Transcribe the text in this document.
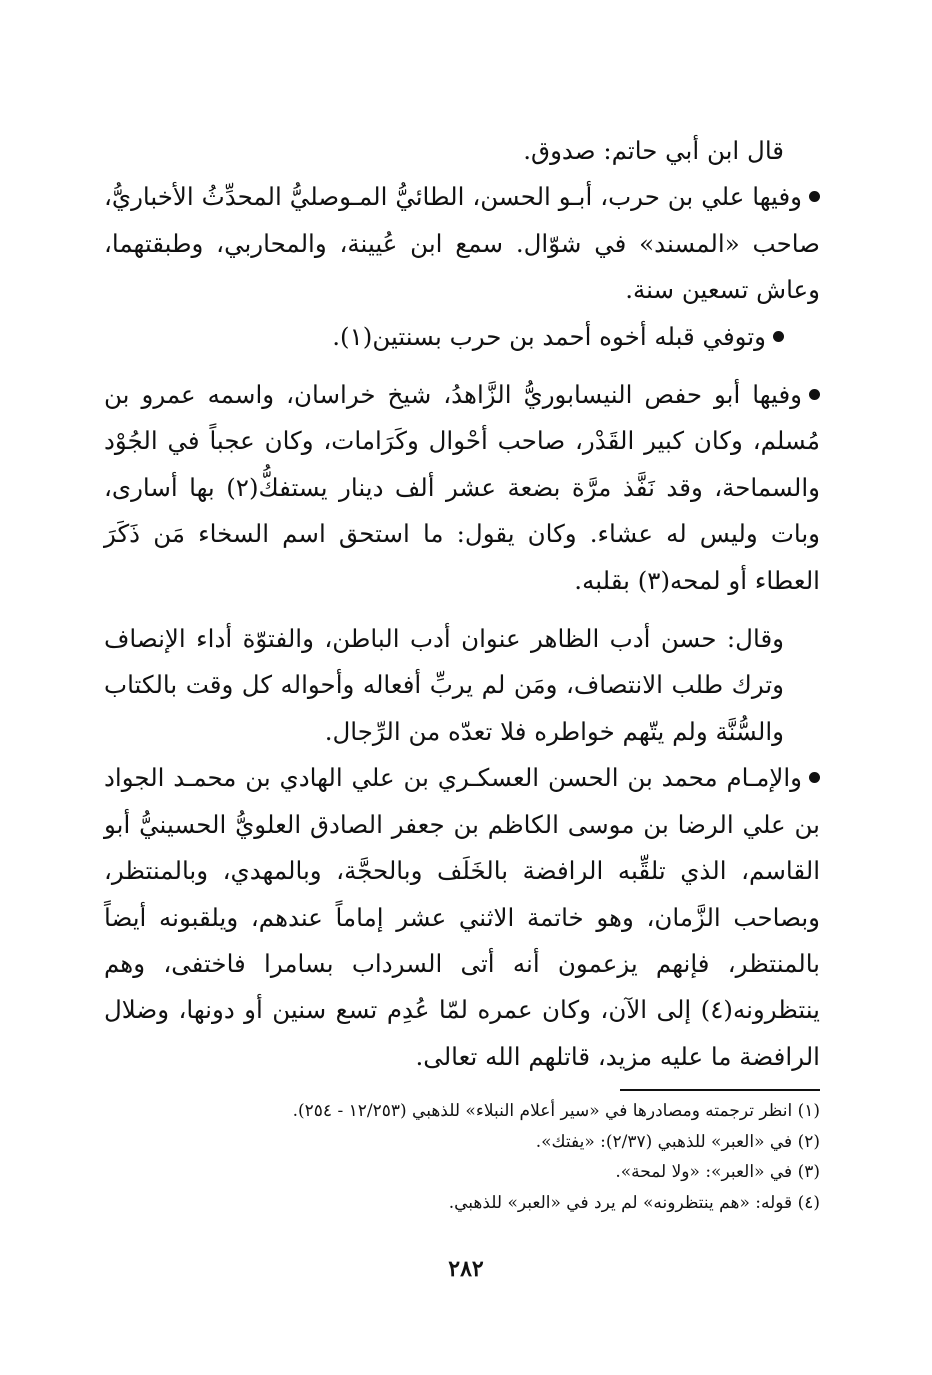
قال ابن أبي حاتم: صدوق.

وفيها علي بن حرب، أبـو الحسن، الطائيُّ المـوصليُّ المحدِّثُ الأخباريُّ، صاحب «المسند» في شوّال. سمع ابن عُيينة، والمحاربي، وطبقتهما، وعاش تسعين سنة.

وتوفي قبله أخوه أحمد بن حرب بسنتين(١).

وفيها أبو حفص النيسابوريُّ الزَّاهدُ، شيخ خراسان، واسمه عمرو بن مُسلم، وكان كبير القَدْر، صاحب أحْوال وكَرَامات، وكان عجباً في الجُوْد والسماحة، وقد نَفَّذ مرَّة بضعة عشر ألف دينار يستفكُّ(٢) بها أسارى، وبات وليس له عشاء. وكان يقول: ما استحق اسم السخاء مَن ذَكَرَ العطاء أو لمحه(٣) بقلبه.

وقال: حسن أدب الظاهر عنوان أدب الباطن، والفتوّة أداء الإنصاف وترك طلب الانتصاف، ومَن لم يربِّ أفعاله وأحواله كل وقت بالكتاب والسُّنَّة ولم يتّهم خواطره فلا تعدّه من الرِّجال.

والإمـام محمد بن الحسن العسكـري بن علي الهادي بن محمـد الجواد بن علي الرضا بن موسى الكاظم بن جعفر الصادق العلويُّ الحسينيُّ أبو القاسم، الذي تلقِّبه الرافضة بالخَلَف وبالحجَّة، وبالمهدي، وبالمنتظر، وبصاحب الزَّمان، وهو خاتمة الاثني عشر إماماً عندهم، ويلقبونه أيضاً بالمنتظر، فإنهم يزعمون أنه أتى السرداب بسامرا فاختفى، وهم ينتظرونه(٤) إلى الآن، وكان عمره لمّا عُدِم تسع سنين أو دونها، وضلال الرافضة ما عليه مزيد، قاتلهم الله تعالى.

(١) انظر ترجمته ومصادرها في «سير أعلام النبلاء» للذهبي (١٢/٢٥٣ - ٢٥٤).

(٢) في «العبر» للذهبي (٢/٣٧): «يفتك».

(٣) في «العبر»: «ولا لمحة».

(٤) قوله: «هم ينتظرونه» لم يرد في «العبر» للذهبي.

٢٨٢
